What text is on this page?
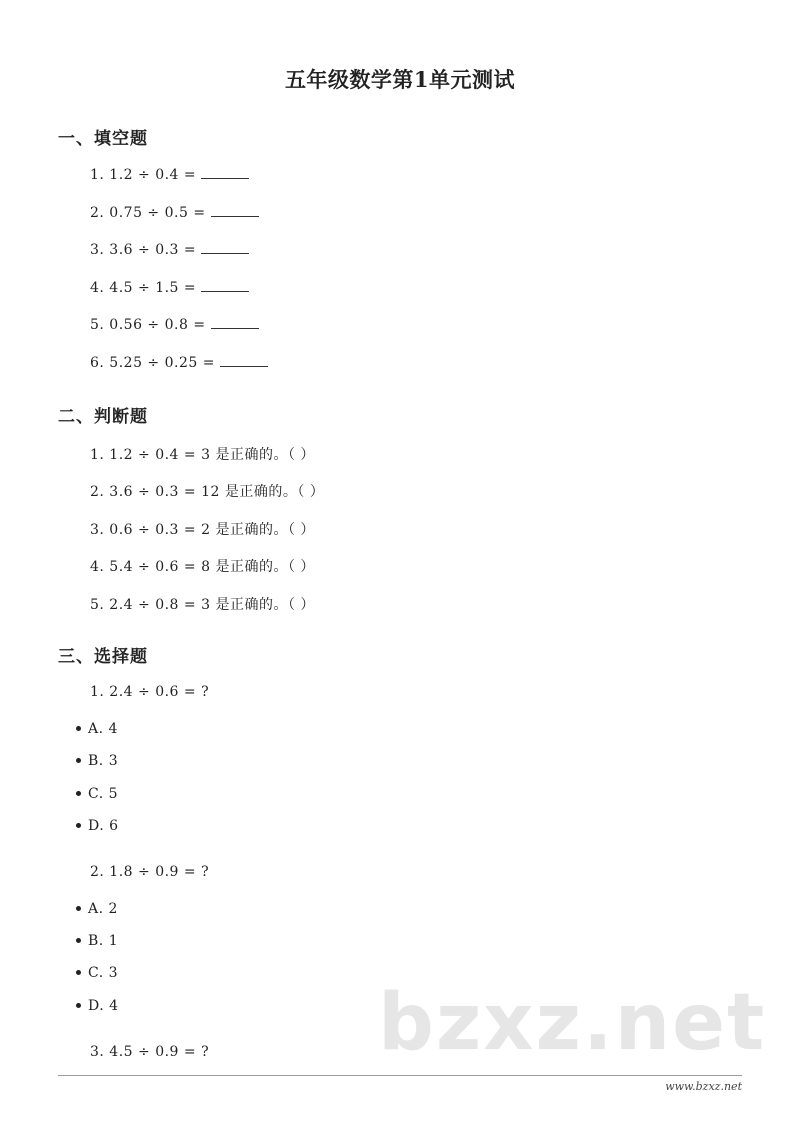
五年级数学第1单元测试
一、填空题
1. 1.2 ÷ 0.4 =
2. 0.75 ÷ 0.5 =
3. 3.6 ÷ 0.3 =
4. 4.5 ÷ 1.5 =
5. 0.56 ÷ 0.8 =
6. 5.25 ÷ 0.25 =
二、判断题
1. 1.2 ÷ 0.4 = 3 是正确的。（ ）
2. 3.6 ÷ 0.3 = 12 是正确的。（ ）
3. 0.6 ÷ 0.3 = 2 是正确的。（ ）
4. 5.4 ÷ 0.6 = 8 是正确的。（ ）
5. 2.4 ÷ 0.8 = 3 是正确的。（ ）
三、选择题
1. 2.4 ÷ 0.6 = ?
A. 4
B. 3
C. 5
D. 6
2. 1.8 ÷ 0.9 = ?
A. 2
B. 1
C. 3
D. 4	bzxz.net
3. 4.5 ÷ 0.9 = ?
www.bzxz.net
